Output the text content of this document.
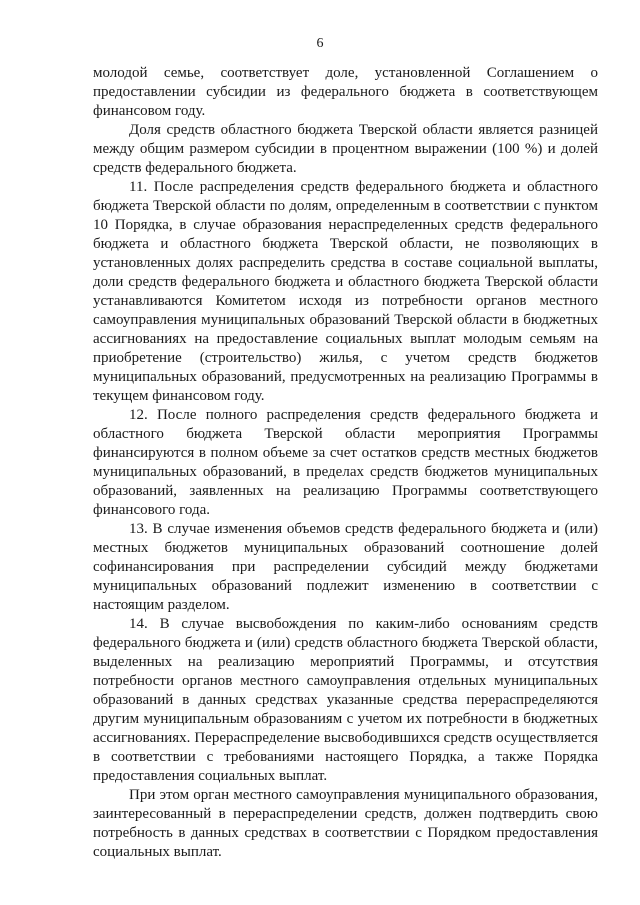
6

молодой семье, соответствует доле, установленной Соглашением о предоставлении субсидии из федерального бюджета в соответствующем финансовом году.

Доля средств областного бюджета Тверской области является разницей между общим размером субсидии в процентном выражении (100 %) и долей средств федерального бюджета.

11. После распределения средств федерального бюджета и областного бюджета Тверской области по долям, определенным в соответствии с пунктом 10 Порядка, в случае образования нераспределенных средств федерального бюджета и областного бюджета Тверской области, не позволяющих в установленных долях распределить средства в составе социальной выплаты, доли средств федерального бюджета и областного бюджета Тверской области устанавливаются Комитетом исходя из потребности органов местного самоуправления муниципальных образований Тверской области в бюджетных ассигнованиях на предоставление социальных выплат молодым семьям на приобретение (строительство) жилья, с учетом средств бюджетов муниципальных образований, предусмотренных на реализацию Программы в текущем финансовом году.

12. После полного распределения средств федерального бюджета и областного бюджета Тверской области мероприятия Программы финансируются в полном объеме за счет остатков средств местных бюджетов муниципальных образований, в пределах средств бюджетов муниципальных образований, заявленных на реализацию Программы соответствующего финансового года.

13. В случае изменения объемов средств федерального бюджета и (или) местных бюджетов муниципальных образований соотношение долей софинансирования при распределении субсидий между бюджетами муниципальных образований подлежит изменению в соответствии с настоящим разделом.

14. В случае высвобождения по каким-либо основаниям средств федерального бюджета и (или) средств областного бюджета Тверской области, выделенных на реализацию мероприятий Программы, и отсутствия потребности органов местного самоуправления отдельных муниципальных образований в данных средствах указанные средства перераспределяются другим муниципальным образованиям с учетом их потребности в бюджетных ассигнованиях. Перераспределение высвободившихся средств осуществляется в соответствии с требованиями настоящего Порядка, а также Порядка предоставления социальных выплат.

При этом орган местного самоуправления муниципального образования, заинтересованный в перераспределении средств, должен подтвердить свою потребность в данных средствах в соответствии с Порядком предоставления социальных выплат.
